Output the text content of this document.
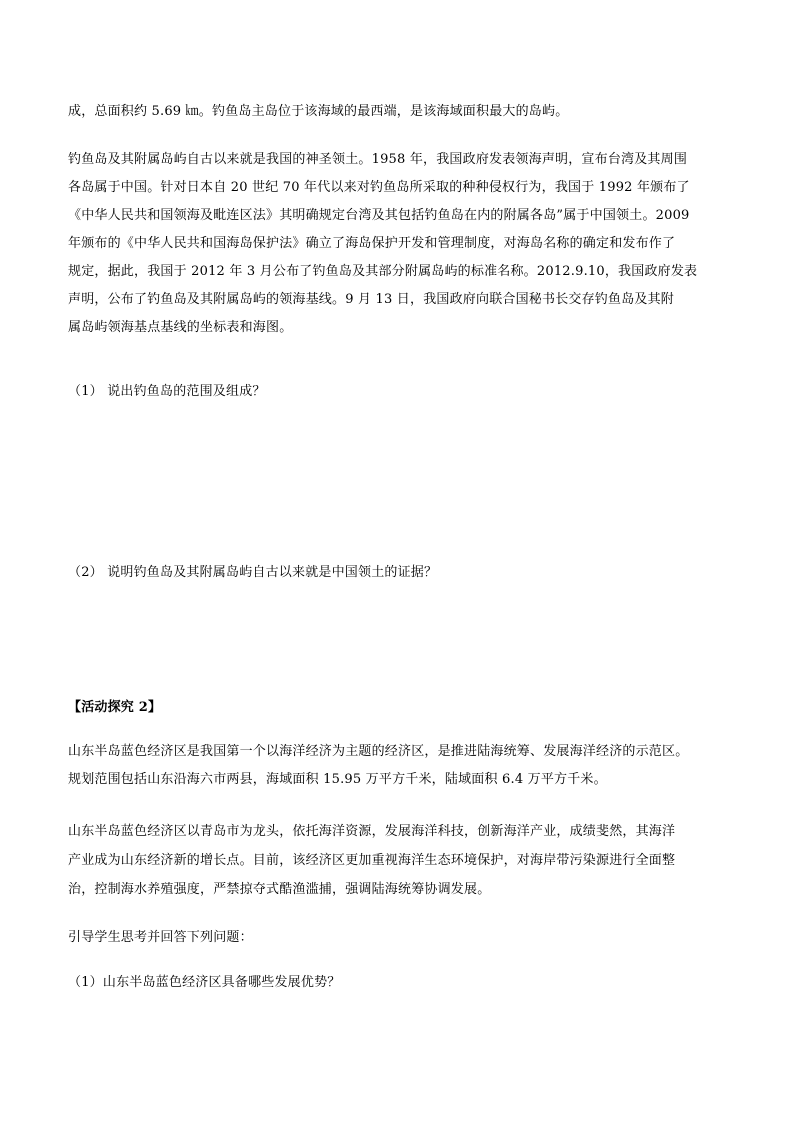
成，总面积约 5.69 ㎞。钓鱼岛主岛位于该海域的最西端，是该海域面积最大的岛屿。
钓鱼岛及其附属岛屿自古以来就是我国的神圣领土。1958 年，我国政府发表领海声明，宣布台湾及其周围
各岛属于中国。针对日本自 20 世纪 70 年代以来对钓鱼岛所采取的种种侵权行为，我国于 1992 年颁布了
《中华人民共和国领海及毗连区法》其明确规定台湾及其包括钓鱼岛在内的附属各岛”属于中国领土。2009
年颁布的《中华人民共和国海岛保护法》确立了海岛保护开发和管理制度，对海岛名称的确定和发布作了
规定，据此，我国于 2012 年 3 月公布了钓鱼岛及其部分附属岛屿的标准名称。2012.9.10，我国政府发表
声明，公布了钓鱼岛及其附属岛屿的领海基线。9 月 13 日，我国政府向联合国秘书长交存钓鱼岛及其附
属岛屿领海基点基线的坐标表和海图。
（1） 说出钓鱼岛的范围及组成？
（2） 说明钓鱼岛及其附属岛屿自古以来就是中国领土的证据？
【活动探究 2】
山东半岛蓝色经济区是我国第一个以海洋经济为主题的经济区，是推进陆海统筹、发展海洋经济的示范区。
规划范围包括山东沿海六市两县，海域面积 15.95 万平方千米，陆域面积 6.4 万平方千米。
山东半岛蓝色经济区以青岛市为龙头，依托海洋资源，发展海洋科技，创新海洋产业，成绩斐然，其海洋
产业成为山东经济新的增长点。目前，该经济区更加重视海洋生态环境保护，对海岸带污染源进行全面整
治，控制海水养殖强度，严禁掠夺式酷渔滥捕，强调陆海统筹协调发展。
引导学生思考并回答下列问题：
（1）山东半岛蓝色经济区具备哪些发展优势？
